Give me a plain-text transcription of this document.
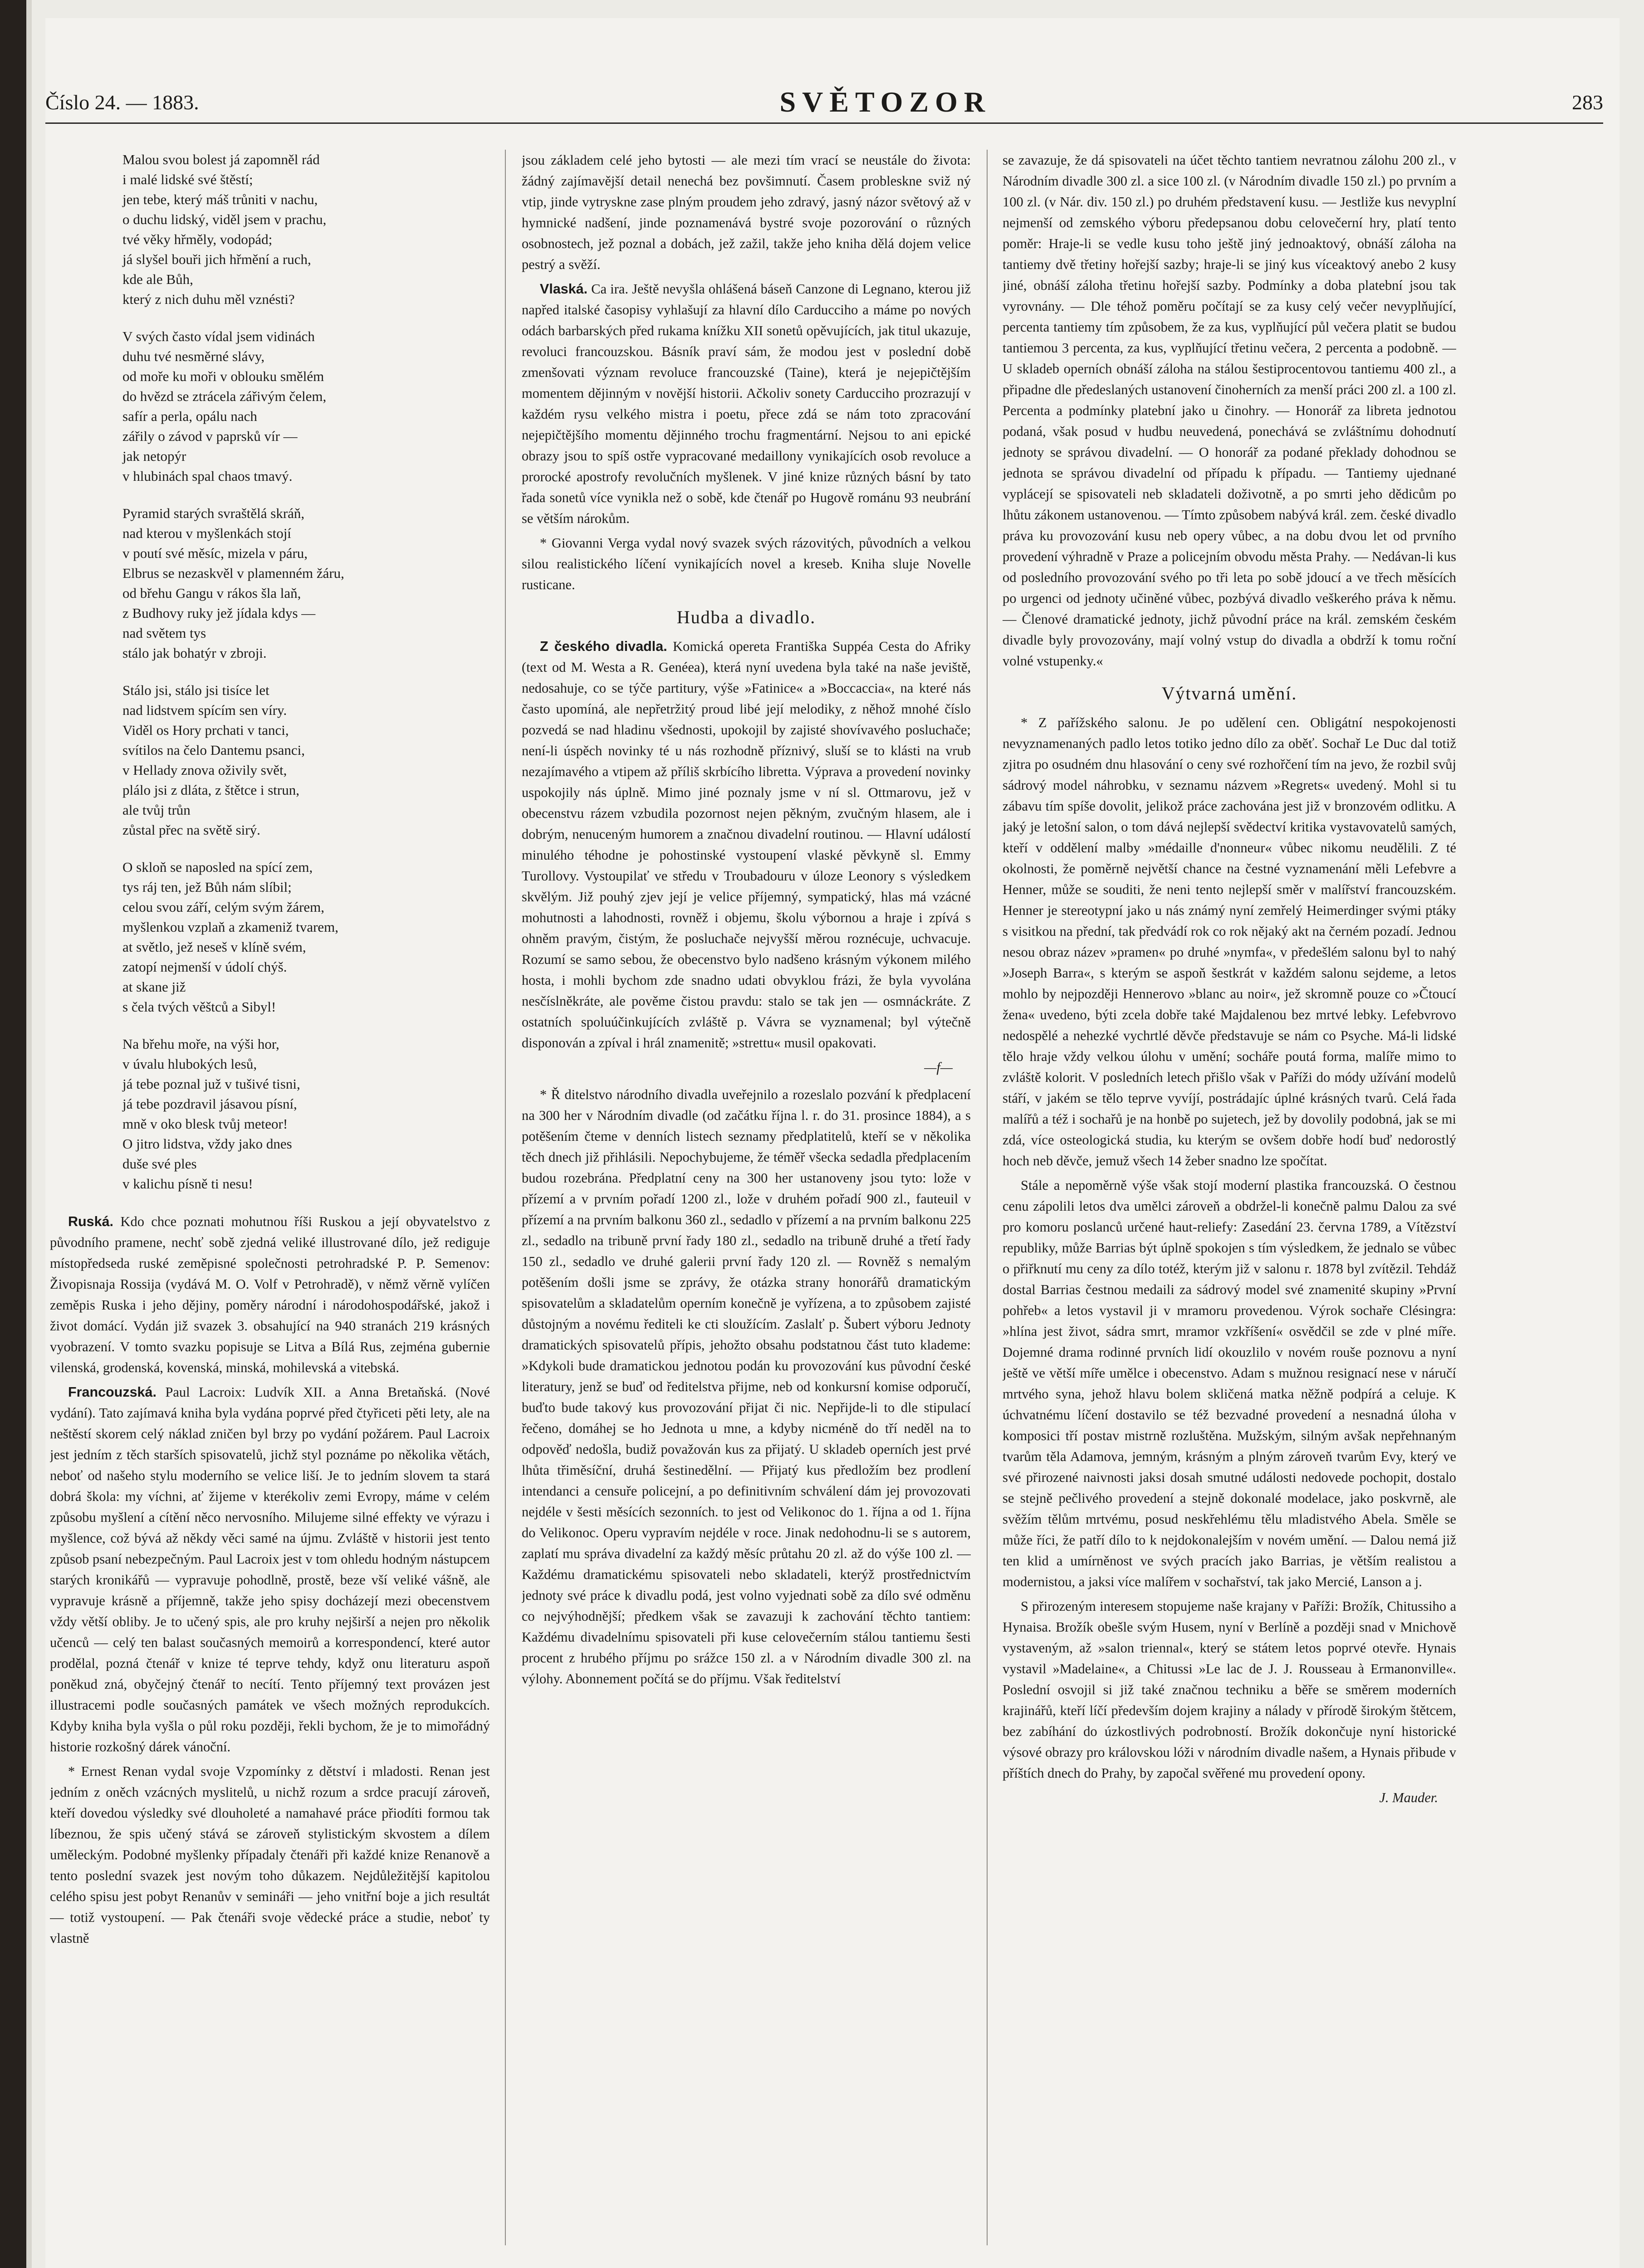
Číslo 24. — 1883.	SVĚTOZOR	283
Malou svou bolest já zapomněl rád
i malé lidské své štěstí;
jen tebe, který máš trůniti v nachu,
o duchu lidský, viděl jsem v prachu,
tvé věky hřměly, vodopád;
já slyšel bouři jich hřmění a ruch,
kde ale Bůh,
který z nich duhu měl vznésti?
V svých často vídal jsem vidinách
duhu tvé nesměrné slávy,
od moře ku moři v oblouku smělém
do hvězd se ztrácela zářivým čelem,
safír a perla, opálu nach
zářily o závod v paprsků vír —
jak netopýr
v hlubinách spal chaos tmavý.
Pyramid starých svraštělá skráň,
nad kterou v myšlenkách stojí
v poutí své měsíc, mizela v páru,
Elbrus se nezaskvěl v plamenném žáru,
od břehu Gangu v rákos šla laň,
z Budhovy ruky jež jídala kdys —
nad světem tys
stálo jak bohatýr v zbroji.
Stálo jsi, stálo jsi tisíce let
nad lidstvem spícím sen víry.
Viděl os Hory prchati v tanci,
svítilos na čelo Dantemu psanci,
v Hellady znova oživily svět,
plálo jsi z dláta, z štětce i strun,
ale tvůj trůn
zůstal přec na světě sirý.
O skloň se naposled na spící zem,
tys ráj ten, jež Bůh nám slíbil;
celou svou září, celým svým žárem,
myšlenkou vzplaň a zkameniž tvarem,
at světlo, jež neseš v klíně svém,
zatopí nejmenší v údolí chýš.
at skane již
s čela tvých věštců a Sibyl!
Na břehu moře, na výši hor,
v úvalu hlubokých lesů,
já tebe poznal juž v tušivé tisni,
já tebe pozdravil jásavou písní,
mně v oko blesk tvůj meteor!
O jitro lidstva, vždy jako dnes
duše své ples
v kalichu písně ti nesu!

Ruská. Kdo chce poznati mohutnou říši Ruskou a její obyvatelstvo z původního pramene, nechť sobě zjedná veliké illustrované dílo, jež rediguje místopředseda ruské zeměpisné společnosti petrohradské P. P. Semenov: Živopisnaja Rossija (vydává M. O. Volf v Petrohradě), v němž věrně vylíčen zeměpis Ruska i jeho dějiny, poměry národní i národohospodářské, jakož i život domácí. Vydán již svazek 3. obsahující na 940 stranách 219 krásných vyobrazení. V tomto svazku popisuje se Litva a Bílá Rus, zejména gubernie vilenská, grodenská, kovenská, minská, mohilevská a vitebská.

Francouzská. Paul Lacroix: Ludvík XII. a Anna Bretaňská. (Nové vydání). Tato zajímavá kniha byla vydána poprvé před čtyřiceti pěti lety, ale na neštěstí skorem celý náklad zničen byl brzy po vydání požárem. Paul Lacroix jest jedním z těch starších spisovatelů, jichž styl poznáme po několika větách, neboť od našeho stylu moderního se velice liší. Je to jedním slovem ta stará dobrá škola: my víchni, ať žijeme v kterékoliv zemi Evropy, máme v celém způsobu myšlení a cítění něco nervosního. Milujeme silné effekty ve výrazu i myšlence, což bývá až někdy věci samé na újmu. Zvláště v historii jest tento způsob psaní nebezpečným. Paul Lacroix jest v tom ohledu hodným nástupcem starých kronikářů — vypravuje pohodlně, prostě, beze vší veliké vášně, ale vypravuje krásně a příjemně, takže jeho spisy docházejí mezi obecenstvem vždy větší obliby. Je to učený spis, ale pro kruhy nejširší a nejen pro několik učenců — celý ten balast současných memoirů a korrespondencí, které autor prodělal, pozná čtenář v knize té teprve tehdy, když onu literaturu aspoň poněkud zná, obyčejný čtenář to necítí. Tento příjemný text provázen jest illustracemi podle současných památek ve všech možných reprodukcích. Kdyby kniha byla vyšla o půl roku později, řekli bychom, že je to mimořádný historie rozkošný dárek vánoční.

* Ernest Renan vydal svoje Vzpomínky z dětství i mladosti. Renan jest jedním z oněch vzácných myslitelů, u nichž rozum a srdce pracují zároveň, kteří dovedou výsledky své dlouholeté a namahavé práce přiodíti formou tak líbeznou, že spis učený stává se zároveň stylistickým skvostem a dílem uměleckým. Podobné myšlenky případaly čtenáři při každé knize Renanově a tento poslední svazek jest novým toho důkazem. Nejdůležitější kapitolou celého spisu jest pobyt Renanův v semináři — jeho vnitřní boje a jich resultát — totiž vystoupení. — Pak čtenáři svoje vědecké práce a studie, neboť ty vlastně

jsou základem celé jeho bytosti — ale mezi tím vrací se neustále do života: žádný zajímavější detail nenechá bez povšimnutí. Časem probleskne sviž ný vtip, jinde vytryskne zase plným proudem jeho zdravý, jasný názor světový až v hymnické nadšení, jinde poznamenává bystré svoje pozorování o různých osobnostech, jež poznal a dobách, jež zažil, takže jeho kniha dělá dojem velice pestrý a svěží.

Vlaská. Ca ira. Ještě nevyšla ohlášená báseň Canzone di Legnano, kterou již napřed italské časopisy vyhlašují za hlavní dílo Carducciho a máme po nových odách barbarských před rukama knížku XII sonetů opěvujících, jak titul ukazuje, revoluci francouzskou. Básník praví sám, že modou jest v poslední době zmenšovati význam revoluce francouzské (Taine), která je nejepičtějším momentem dějinným v novější historii. Ačkoliv sonety Carducciho prozrazují v každém rysu velkého mistra i poetu, přece zdá se nám toto zpracování nejepičtějšího momentu dějinného trochu fragmentární. Nejsou to ani epické obrazy jsou to spíš ostře vypracované medaillony vynikajících osob revoluce a prorocké apostrofy revolučních myšlenek. V jiné knize různých básní by tato řada sonetů více vynikla než o sobě, kde čtenář po Hugově románu 93 neubrání se větším nárokům.

* Giovanni Verga vydal nový svazek svých rázovitých, původních a velkou silou realistického líčení vynikajících novel a kreseb. Kniha sluje Novelle rusticane.

Hudba a divadlo.

Z českého divadla. Komická opereta Františka Suppéa Cesta do Afriky (text od M. Westa a R. Genéea), která nyní uvedena byla také na naše jeviště, nedosahuje, co se týče partitury, výše »Fatinice« a »Boccaccia«, na které nás často upomíná, ale nepřetržitý proud libé její melodiky, z něhož mnohé číslo pozvedá se nad hladinu všednosti, upokojil by zajisté shovívavého posluchače; není-li úspěch novinky té u nás rozhodně příznivý, sluší se to klásti na vrub nezajímavého a vtipem až příliš skrbícího libretta. Výprava a provedení novinky uspokojily nás úplně. Mimo jiné poznaly jsme v ní sl. Ottmarovu, jež v obecenstvu rázem vzbudila pozornost nejen pěkným, zvučným hlasem, ale i dobrým, nenuceným humorem a značnou divadelní routinou. — Hlavní událostí minulého téhodne je pohostinské vystoupení vlaské pěvkyně sl. Emmy Turollovy. Vystoupilať ve středu v Troubadouru v úloze Leonory s výsledkem skvělým. Již pouhý zjev její je velice příjemný, sympatický, hlas má vzácné mohutnosti a lahodnosti, rovněž i objemu, školu výbornou a hraje i zpívá s ohněm pravým, čistým, že posluchače nejvyšší měrou roznécuje, uchvacuje. Rozumí se samo sebou, že obecenstvo bylo nadšeno krásným výkonem milého hosta, i mohli bychom zde snadno udati obvyklou frázi, že byla vyvolána nesčíslněkráte, ale pověme čistou pravdu: stalo se tak jen — osmnáckráte. Z ostatních spoluúčinkujících zvláště p. Vávra se vyznamenal; byl výtečně disponován a zpíval i hrál znamenitě; »strettu« musil opakovati.

—f—

* Ř ditelstvo národního divadla uveřejnilo a rozeslalo pozvání k předplacení na 300 her v Národním divadle (od začátku října l. r. do 31. prosince 1884), a s potěšením čteme v denních listech seznamy předplatitelů, kteří se v několika těch dnech již přihlásili. Nepochybujeme, že téměř všecka sedadla předplacením budou rozebrána. Předplatní ceny na 300 her ustanoveny jsou tyto: lože v přízemí a v prvním pořadí 1200 zl., lože v druhém pořadí 900 zl., fauteuil v přízemí a na prvním balkonu 360 zl., sedadlo v přízemí a na prvním balkonu 225 zl., sedadlo na tribuně první řady 180 zl., sedadlo na tribuně druhé a třetí řady 150 zl., sedadlo ve druhé galerii první řady 120 zl. — Rovněž s nemalým potěšením došli jsme se zprávy, že otázka strany honorářů dramatickým spisovatelům a skladatelům operním konečně je vyřízena, a to způsobem zajisté důstojným a novému řediteli ke cti sloužícím. Zaslalť p. Šubert výboru Jednoty dramatických spisovatelů přípis, jehožto obsahu podstatnou část tuto klademe: »Kdykoli bude dramatickou jednotou podán ku provozování kus původní české literatury, jenž se buď od ředitelstva přijme, neb od konkursní komise odporučí, buďto bude takový kus provozování přijat či nic. Nepřijde-li to dle stipulací řečeno, domáhej se ho Jednota u mne, a kdyby nicméně do tří neděl na to odpověď nedošla, budiž považován kus za přijatý. U skladeb operních jest prvé lhůta třiměsíční, druhá šestinedělní. — Přijatý kus předložím bez prodlení intendanci a censuře policejní, a po definitivním schválení dám jej provozovati nejdéle v šesti měsících sezonních. to jest od Velikonoc do 1. října a od 1. října do Velikonoc. Operu vypravím nejdéle v roce. Jinak nedohodnu-li se s autorem, zaplatí mu správa divadelní za každý měsíc průtahu 20 zl. až do výše 100 zl. — Každému dramatickému spisovateli nebo skladateli, kterýž prostřednictvím jednoty své práce k divadlu podá, jest volno vyjednati sobě za dílo své odměnu co nejvýhodnější; předkem však se zavazuji k zachování těchto tantiem: Každému divadelnímu spisovateli při kuse celovečerním stálou tantiemu šesti procent z hrubého příjmu po srážce 150 zl. a v Národním divadle 300 zl. na výlohy. Abonnement počítá se do příjmu. Však ředitelství

se zavazuje, že dá spisovateli na účet těchto tantiem nevratnou zálohu 200 zl., v Národním divadle 300 zl. a sice 100 zl. (v Národním divadle 150 zl.) po prvním a 100 zl. (v Nár. div. 150 zl.) po druhém představení kusu. — Jestliže kus nevyplní nejmenší od zemského výboru předepsanou dobu celovečerní hry, platí tento poměr: Hraje-li se vedle kusu toho ještě jiný jednoaktový, obnáší záloha na tantiemy dvě třetiny hořejší sazby; hraje-li se jiný kus víceaktový anebo 2 kusy jiné, obnáší záloha třetinu hořejší sazby. Podmínky a doba platební jsou tak vyrovnány. — Dle téhož poměru počítají se za kusy celý večer nevyplňující, percenta tantiemy tím způsobem, že za kus, vyplňující půl večera platit se budou tantiemou 3 percenta, za kus, vyplňující třetinu večera, 2 percenta a podobně. — U skladeb operních obnáší záloha na stálou šestiprocentovou tantiemu 400 zl., a připadne dle předeslaných ustanovení činoherních za menší práci 200 zl. a 100 zl. Percenta a podmínky platební jako u činohry. — Honorář za libreta jednotou podaná, však posud v hudbu neuvedená, ponechává se zvláštnímu dohodnutí jednoty se správou divadelní. — O honorář za podané překlady dohodnou se jednota se správou divadelní od případu k případu. — Tantiemy ujednané vyplácejí se spisovateli neb skladateli doživotně, a po smrti jeho dědicům po lhůtu zákonem ustanovenou. — Tímto způsobem nabývá král. zem. české divadlo práva ku provozování kusu neb opery vůbec, a na dobu dvou let od prvního provedení výhradně v Praze a policejním obvodu města Prahy. — Nedávan-li kus od posledního provozování svého po tři leta po sobě jdoucí a ve třech měsících po urgenci od jednoty učiněné vůbec, pozbývá divadlo veškerého práva k němu. — Členové dramatické jednoty, jichž původní práce na král. zemském českém divadle byly provozovány, mají volný vstup do divadla a obdrží k tomu roční volné vstupenky.«

Výtvarná umění.

* Z pařížského salonu. Je po udělení cen. Obligátní nespokojenosti nevyznamenaných padlo letos totiko jedno dílo za oběť. Sochař Le Duc dal totiž zjitra po osudném dnu hlasování o ceny své rozhořčení tím na jevo, že rozbil svůj sádrový model náhrobku, v seznamu názvem »Regrets« uvedený. Mohl si tu zábavu tím spíše dovolit, jelikož práce zachována jest již v bronzovém odlitku. A jaký je letošní salon, o tom dává nejlepší svědectví kritika vystavovatelů samých, kteří v oddělení malby »médaille d'nonneur« vůbec nikomu neudělili. Z té okolnosti, že poměrně největší chance na čestné vyznamenání měli Lefebvre a Henner, může se souditi, že neni tento nejlepší směr v malířství francouzském. Henner je stereotypní jako u nás známý nyní zemřelý Heimerdinger svými ptáky s visitkou na přední, tak předvádí rok co rok nějaký akt na černém pozadí. Jednou nesou obraz název »pramen« po druhé »nymfa«, v předešlém salonu byl to nahý »Joseph Barra«, s kterým se aspoň šestkrát v každém salonu sejdeme, a letos mohlo by nejpozději Hennerovo »blanc au noir«, jež skromně pouze co »Čtoucí žena« uvedeno, býti zcela dobře také Majdalenou bez mrtvé lebky. Lefebvrovo nedospělé a nehezké vychrtlé děvče představuje se nám co Psyche. Má-li lidské tělo hraje vždy velkou úlohu v umění; socháře poutá forma, malíře mimo to zvláště kolorit. V posledních letech přišlo však v Paříži do módy užívání modelů stáří, v jakém se tělo teprve vyvíjí, postrádajíc úplné krásných tvarů. Celá řada malířů a též i sochařů je na honbě po sujetech, jež by dovolily podobná, jak se mi zdá, více osteologická studia, ku kterým se ovšem dobře hodí buď nedorostlý hoch neb děvče, jemuž všech 14 žeber snadno lze spočítat.

Stále a nepoměrně výše však stojí moderní plastika francouzská. O čestnou cenu zápolili letos dva umělci zároveň a obdržel-li konečně palmu Dalou za své pro komoru poslanců určené haut-reliefy: Zasedání 23. června 1789, a Vítězství republiky, může Barrias být úplně spokojen s tím výsledkem, že jednalo se vůbec o přiřknutí mu ceny za dílo totéž, kterým již v salonu r. 1878 byl zvítězil. Tehdáž dostal Barrias čestnou medaili za sádrový model své znamenité skupiny »První pohřeb« a letos vystavil ji v mramoru provedenou. Výrok sochaře Clésingra: »hlína jest život, sádra smrt, mramor vzkříšení« osvědčil se zde v plné míře. Dojemné drama rodinné prvních lidí okouzlilo v novém rouše poznovu a nyní ještě ve větší míře umělce i obecenstvo. Adam s mužnou resignací nese v náručí mrtvého syna, jehož hlavu bolem skličená matka něžně podpírá a celuje. K úchvatnému líčení dostavilo se též bezvadné provedení a nesnadná úloha v komposici tří postav mistrně rozluštěna. Mužským, silným avšak nepřehnaným tvarům těla Adamova, jemným, krásným a plným zároveň tvarům Evy, který ve své přirozené naivnosti jaksi dosah smutné události nedovede pochopit, dostalo se stejně pečlivého provedení a stejně dokonalé modelace, jako poskvrně, ale svěžím tělům mrtvému, posud neskřehlému tělu mladistvého Abela. Směle se může říci, že patří dílo to k nejdokonalejším v novém umění. — Dalou nemá již ten klid a umírněnost ve svých pracích jako Barrias, je větším realistou a modernistou, a jaksi více malířem v sochařství, tak jako Mercié, Lanson a j.

S přirozeným interesem stopujeme naše krajany v Paříži: Brožík, Chitussiho a Hynaisa. Brožík obešle svým Husem, nyní v Berlíně a později snad v Mnichově vystaveným, až »salon triennal«, který se státem letos poprvé otevře. Hynais vystavil »Madelaine«, a Chitussi »Le lac de J. J. Rousseau à Ermanonville«. Poslední osvojil si již také značnou techniku a běře se směrem moderních krajinářů, kteří líčí především dojem krajiny a nálady v přírodě širokým štětcem, bez zabíhání do úzkostlivých podrobností. Brožík dokončuje nyní historické výsové obrazy pro královskou lóži v národním divadle našem, a Hynais přibude v příštích dnech do Prahy, by započal svěřené mu provedení opony.

J. Mauder.
